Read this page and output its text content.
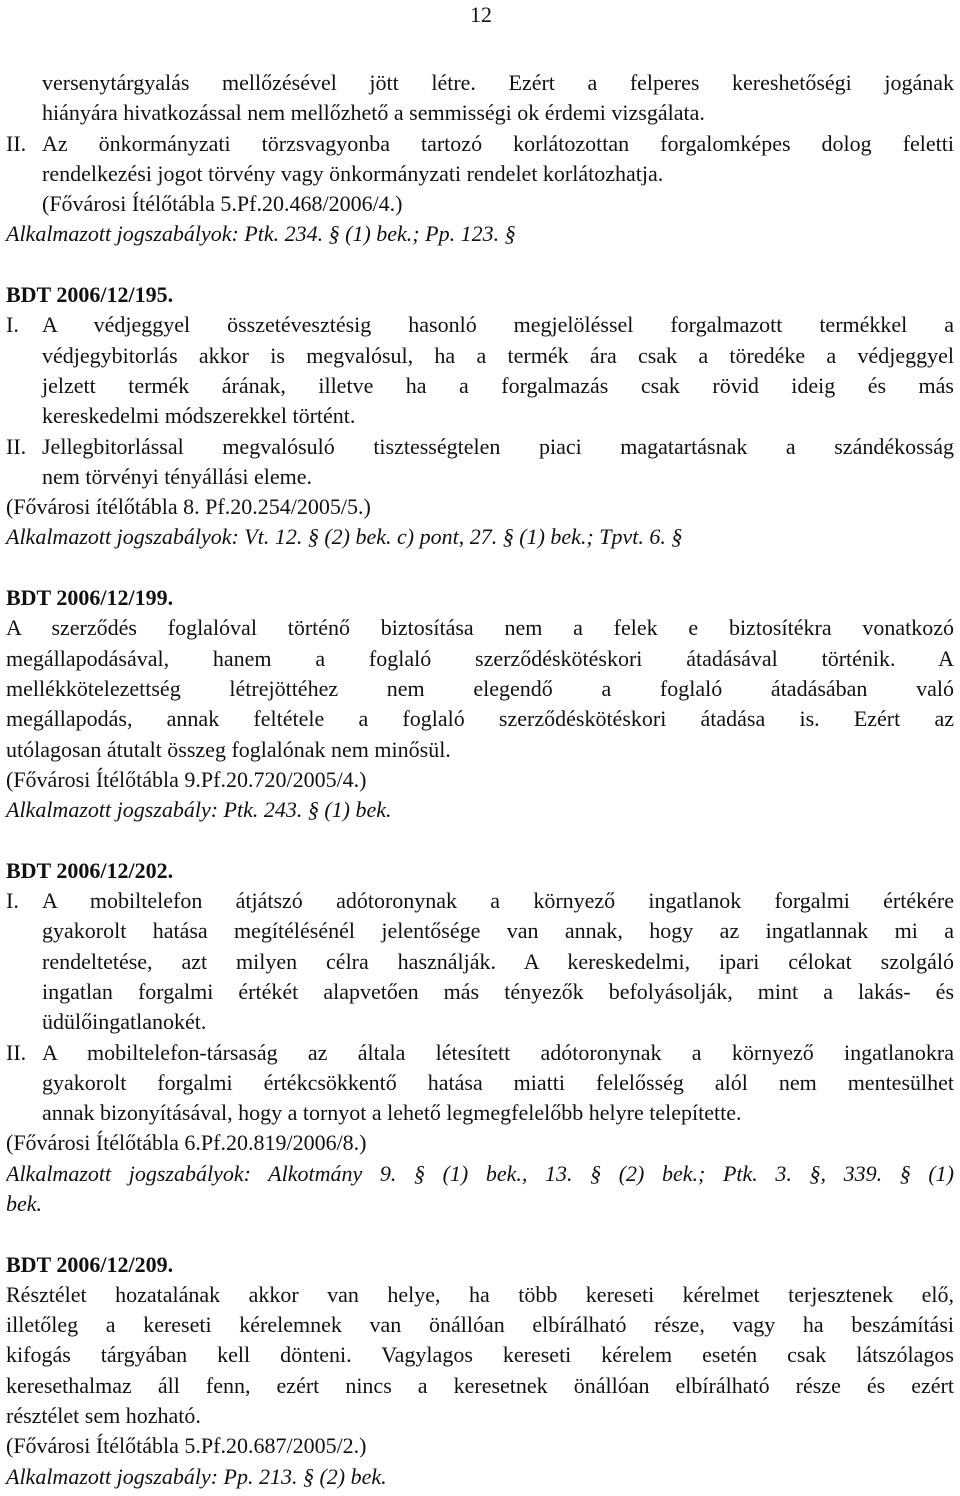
12
versenytárgyalás mellőzésével jött létre. Ezért a felperes kereshetőségi jogának
hiányára hivatkozással nem mellőzhető a semmisségi ok érdemi vizsgálata.
II. Az önkormányzati törzsvagyonba tartozó korlátozottan forgalomképes dolog feletti
rendelkezési jogot törvény vagy önkormányzati rendelet korlátozhatja.
(Fővárosi Ítélőtábla 5.Pf.20.468/2006/4.)
Alkalmazott jogszabályok: Ptk. 234. § (1) bek.; Pp. 123. §
BDT 2006/12/195.
I.	A védjeggyel összetévesztésig hasonló megjelöléssel forgalmazott termékkel a
védjegybitorlás akkor is megvalósul, ha a termék ára csak a töredéke a védjeggyel
jelzett termék árának, illetve ha a forgalmazás csak rövid ideig és más
kereskedelmi módszerekkel történt.
II. Jellegbitorlással megvalósuló tisztességtelen piaci magatartásnak a szándékosság
nem törvényi tényállási eleme.
(Fővárosi ítélőtábla 8. Pf.20.254/2005/5.)
Alkalmazott jogszabályok: Vt. 12. § (2) bek. c) pont, 27. § (1) bek.; Tpvt. 6. §
BDT 2006/12/199.
A szerződés foglalóval történő biztosítása nem a felek e biztosítékra vonatkozó
megállapodásával, hanem a foglaló szerződéskötéskori átadásával történik. A
mellékkötelezettség létrejöttéhez nem elegendő a foglaló átadásában való
megállapodás, annak feltétele a foglaló szerződéskötéskori átadása is. Ezért az
utólagosan átutalt összeg foglalónak nem minősül.
(Fővárosi Ítélőtábla 9.Pf.20.720/2005/4.)
Alkalmazott jogszabály: Ptk. 243. § (1) bek.
BDT 2006/12/202.
I.	A mobiltelefon átjátszó adótoronynak a környező ingatlanok forgalmi értékére
gyakorolt hatása megítélésénél jelentősége van annak, hogy az ingatlannak mi a
rendeltetése, azt milyen célra használják. A kereskedelmi, ipari célokat szolgáló
ingatlan forgalmi értékét alapvetően más tényezők befolyásolják, mint a lakás- és
üdülőingatlanokét.
II. A mobiltelefon-társaság az általa létesített adótoronynak a környező ingatlanokra
gyakorolt forgalmi értékcsökkentő hatása miatti felelősség alól nem mentesülhet
annak bizonyításával, hogy a tornyot a lehető legmegfelelőbb helyre telepítette.
(Fővárosi Ítélőtábla 6.Pf.20.819/2006/8.)
Alkalmazott jogszabályok: Alkotmány 9. § (1) bek., 13. § (2) bek.; Ptk. 3. §, 339. § (1)
bek.
BDT 2006/12/209.
Résztélet hozatalának akkor van helye, ha több kereseti kérelmet terjesztenek elő,
illetőleg a kereseti kérelemnek van önállóan elbírálható része, vagy ha beszámítási
kifogás tárgyában kell dönteni. Vagylagos kereseti kérelem esetén csak látszólagos
keresethalmaz áll fenn, ezért nincs a keresetnek önállóan elbírálható része és ezért
résztélet sem hozható.
(Fővárosi Ítélőtábla 5.Pf.20.687/2005/2.)
Alkalmazott jogszabály: Pp. 213. § (2) bek.
